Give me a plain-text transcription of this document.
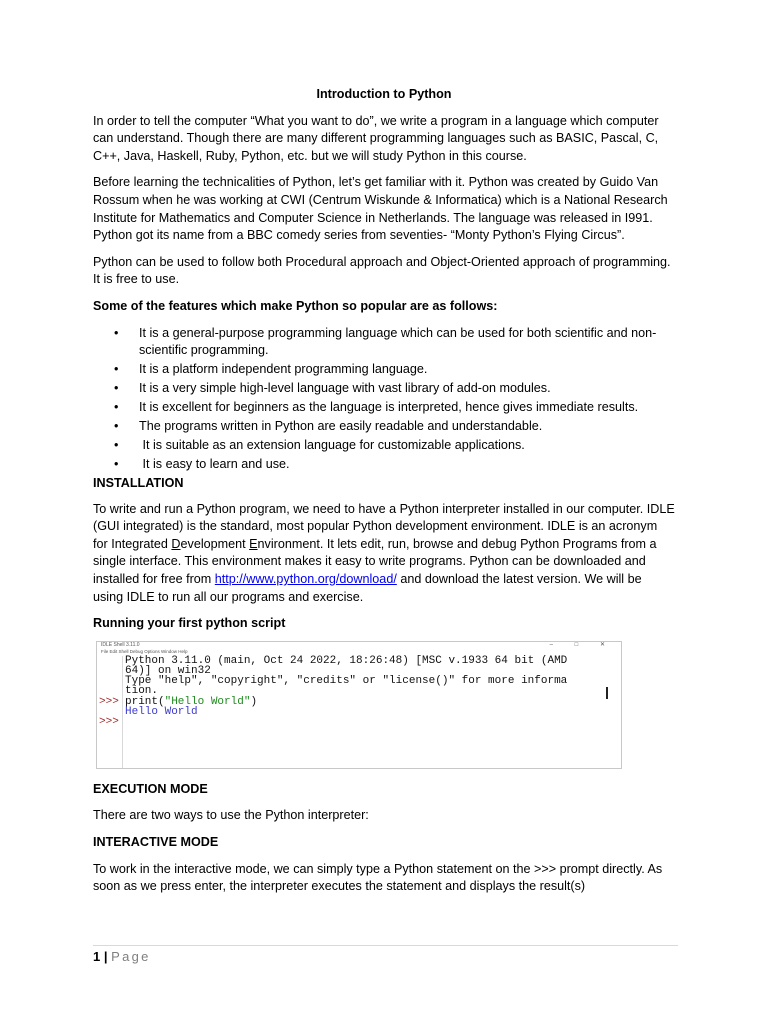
Introduction to Python

In order to tell the computer “What you want to do”, we write a program in a language which computer can understand. Though there are many different programming languages such as BASIC, Pascal, C, C++, Java, Haskell, Ruby, Python, etc. but we will study Python in this course.

Before learning the technicalities of Python, let’s get familiar with it. Python was created by Guido Van Rossum when he was working at CWI (Centrum Wiskunde & Informatica) which is a National Research Institute for Mathematics and Computer Science in Netherlands. The language was released in I991. Python got its name from a BBC comedy series from seventies- “Monty Python’s Flying Circus”.

Python can be used to follow both Procedural approach and Object-Oriented approach of programming. It is free to use.

Some of the features which make Python so popular are as follows:

• It is a general-purpose programming language which can be used for both scientific and non-scientific programming.
• It is a platform independent programming language.
• It is a very simple high-level language with vast library of add-on modules.
• It is excellent for beginners as the language is interpreted, hence gives immediate results.
• The programs written in Python are easily readable and understandable.
• It is suitable as an extension language for customizable applications.
• It is easy to learn and use.
INSTALLATION

To write and run a Python program, we need to have a Python interpreter installed in our computer. IDLE (GUI integrated) is the standard, most popular Python development environment. IDLE is an acronym for Integrated Development Environment. It lets edit, run, browse and debug Python Programs from a single interface. This environment makes it easy to write programs. Python can be downloaded and installed for free from http://www.python.org/download/ and download the latest version. We will be using IDLE to run all our programs and exercise.

Running your first python script

IDLE Shell 3.11.0	– □ ✕
File Edit Shell Debug Options Window Help
>>>
>>>
Python 3.11.0 (main, Oct 24 2022, 18:26:48) [MSC v.1933 64 bit (AMD
64)] on win32
Type "help", "copyright", "credits" or "license()" for more informa
tion.
print("Hello World")
Hello World

EXECUTION MODE

There are two ways to use the Python interpreter:

INTERACTIVE MODE

To work in the interactive mode, we can simply type a Python statement on the >>> prompt directly. As soon as we press enter, the interpreter executes the statement and displays the result(s)

1 | Page
